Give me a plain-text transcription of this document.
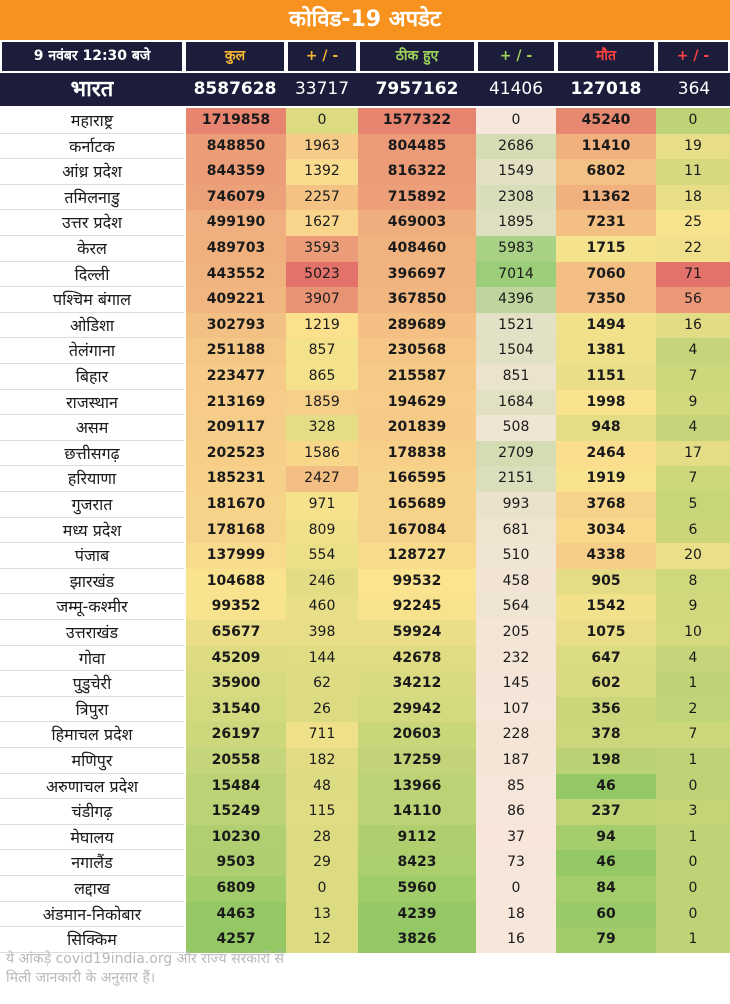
कोविड-19 अपडेट
9 नवंबर 12:30 बजे	कुल	+ / -	ठीक हुए	+ / -	मौत	+ / -
भारत	8587628	33717	7957162	41406	127018	364
महाराष्ट्र	1719858	0	1577322	0	45240	0
कर्नाटक	848850	1963	804485	2686	11410	19
आंध्र प्रदेश	844359	1392	816322	1549	6802	11
तमिलनाडु	746079	2257	715892	2308	11362	18
उत्तर प्रदेश	499190	1627	469003	1895	7231	25
केरल	489703	3593	408460	5983	1715	22
दिल्ली	443552	5023	396697	7014	7060	71
पश्चिम बंगाल	409221	3907	367850	4396	7350	56
ओडिशा	302793	1219	289689	1521	1494	16
तेलंगाना	251188	857	230568	1504	1381	4
बिहार	223477	865	215587	851	1151	7
राजस्थान	213169	1859	194629	1684	1998	9
असम	209117	328	201839	508	948	4
छत्तीसगढ़	202523	1586	178838	2709	2464	17
हरियाणा	185231	2427	166595	2151	1919	7
गुजरात	181670	971	165689	993	3768	5
मध्य प्रदेश	178168	809	167084	681	3034	6
पंजाब	137999	554	128727	510	4338	20
झारखंड	104688	246	99532	458	905	8
जम्मू-कश्मीर	99352	460	92245	564	1542	9
उत्तराखंड	65677	398	59924	205	1075	10
गोवा	45209	144	42678	232	647	4
पुडुचेरी	35900	62	34212	145	602	1
त्रिपुरा	31540	26	29942	107	356	2
हिमाचल प्रदेश	26197	711	20603	228	378	7
मणिपुर	20558	182	17259	187	198	1
अरुणाचल प्रदेश	15484	48	13966	85	46	0
चंडीगढ़	15249	115	14110	86	237	3
मेघालय	10230	28	9112	37	94	1
नगालैंड	9503	29	8423	73	46	0
लद्दाख	6809	0	5960	0	84	0
अंडमान-निकोबार	4463	13	4239	18	60	0
सिक्किम	4257	12	3826	16	79	1
ये आंकड़े covid19india.org और राज्य सरकारों से
मिली जानकारी के अनुसार हैं।
